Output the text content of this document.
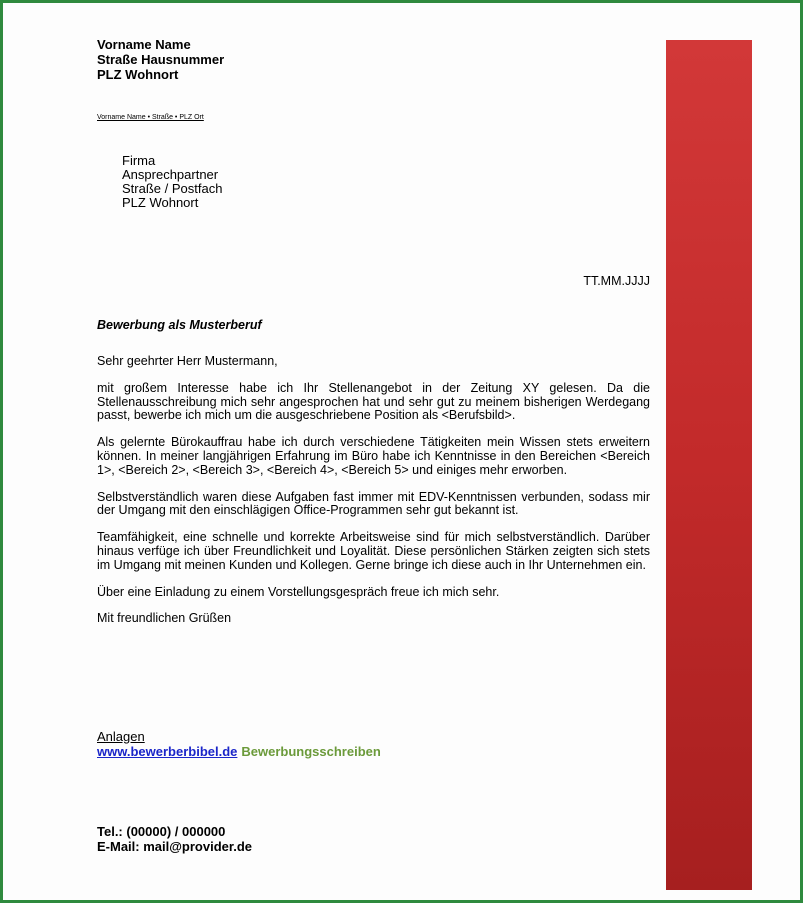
Vorname Name
Straße Hausnummer
PLZ Wohnort
Vorname Name • Straße • PLZ Ort
Firma
Ansprechpartner
Straße / Postfach
PLZ Wohnort
TT.MM.JJJJ
Bewerbung als Musterberuf

Sehr geehrter Herr Mustermann,

mit großem Interesse habe ich Ihr Stellenangebot in der Zeitung XY gelesen. Da die Stellenausschreibung mich sehr angesprochen hat und sehr gut zu meinem bisherigen Werdegang passt, bewerbe ich mich um die ausgeschriebene Position als <Berufsbild>.

Als gelernte Bürokauffrau habe ich durch verschiedene Tätigkeiten mein Wissen stets erweitern können. In meiner langjährigen Erfahrung im Büro habe ich Kenntnisse in den Bereichen <Bereich 1>, <Bereich 2>, <Bereich 3>, <Bereich 4>, <Bereich 5> und einiges mehr erworben.

Selbstverständlich waren diese Aufgaben fast immer mit EDV-Kenntnissen verbunden, sodass mir der Umgang mit den einschlägigen Office-Programmen sehr gut bekannt ist.

Teamfähigkeit, eine schnelle und korrekte Arbeitsweise sind für mich selbstverständlich. Darüber hinaus verfüge ich über Freundlichkeit und Loyalität. Diese persönlichen Stärken zeigten sich stets im Umgang mit meinen Kunden und Kollegen. Gerne bringe ich diese auch in Ihr Unternehmen ein.

Über eine Einladung zu einem Vorstellungsgespräch freue ich mich sehr.

Mit freundlichen Grüßen

Anlagen
www.bewerberbibel.de Bewerbungsschreiben
Tel.: (00000) / 000000
E-Mail: mail@provider.de
